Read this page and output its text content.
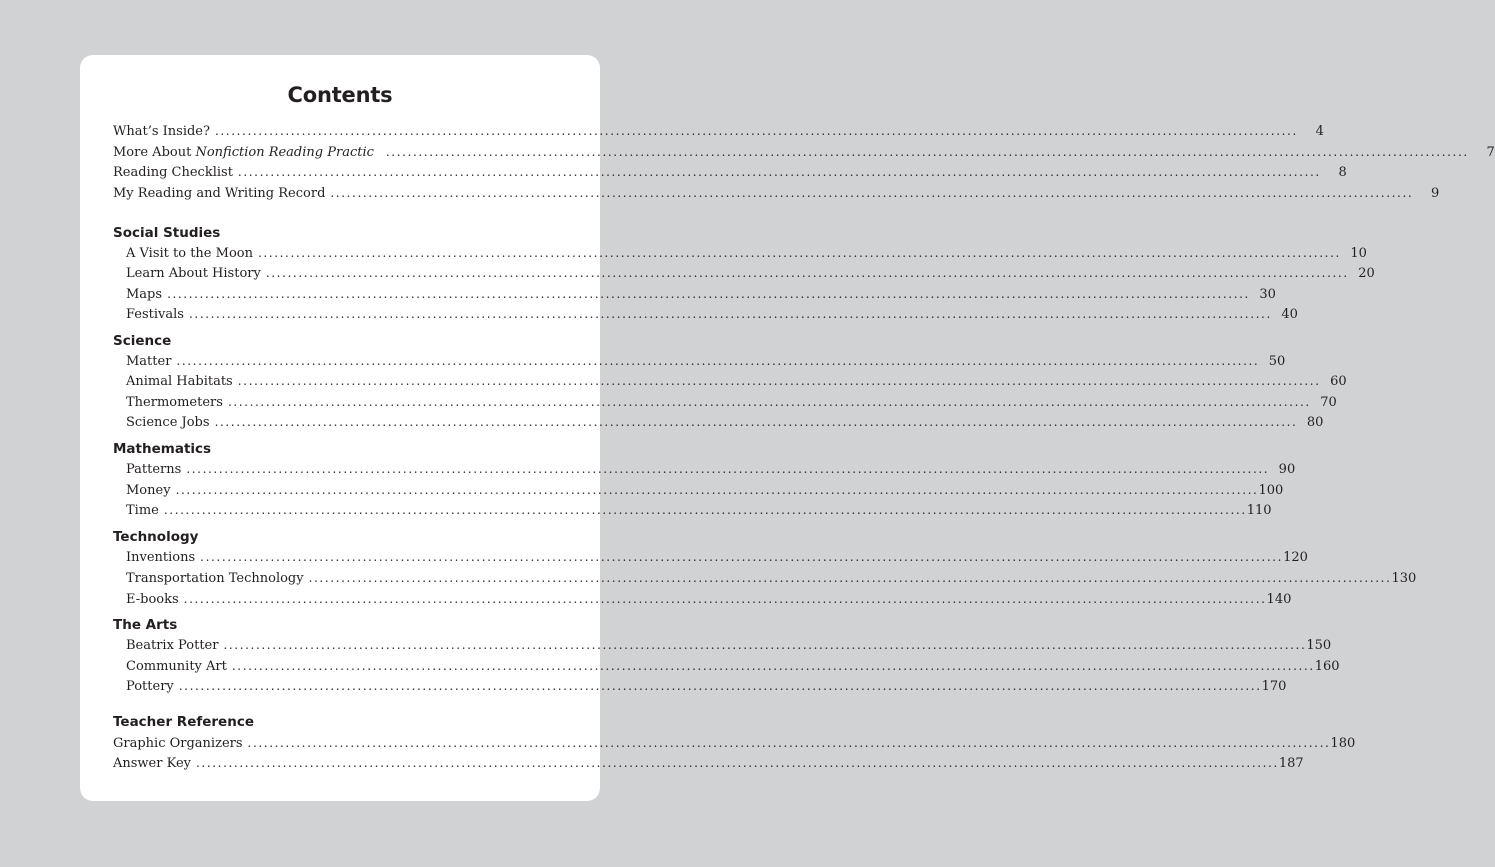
Contents
What’s Inside? ........................................................................................................................................................................................................	4
More About Nonfiction Reading Practic ........................................................................................................................................................................................................	7
Reading Checklist ........................................................................................................................................................................................................	8
My Reading and Writing Record ........................................................................................................................................................................................................	9
Social Studies
A Visit to the Moon ........................................................................................................................................................................................................ 10
Learn About History ........................................................................................................................................................................................................ 20
Maps ........................................................................................................................................................................................................ 30
Festivals ........................................................................................................................................................................................................ 40
Science
Matter ........................................................................................................................................................................................................ 50
Animal Habitats ........................................................................................................................................................................................................ 60
Thermometers ........................................................................................................................................................................................................ 70
Science Jobs ........................................................................................................................................................................................................ 80
Mathematics
Patterns ........................................................................................................................................................................................................ 90
Money ........................................................................................................................................................................................................ 100
Time ........................................................................................................................................................................................................ 110
Technology
Inventions ........................................................................................................................................................................................................ 120
Transportation Technology ........................................................................................................................................................................................................ 130
E-books ........................................................................................................................................................................................................ 140
The Arts
Beatrix Potter ........................................................................................................................................................................................................ 150
Community Art ........................................................................................................................................................................................................ 160
Pottery ........................................................................................................................................................................................................ 170
Teacher Reference
Graphic Organizers ........................................................................................................................................................................................................ 180
Answer Key ........................................................................................................................................................................................................ 187
